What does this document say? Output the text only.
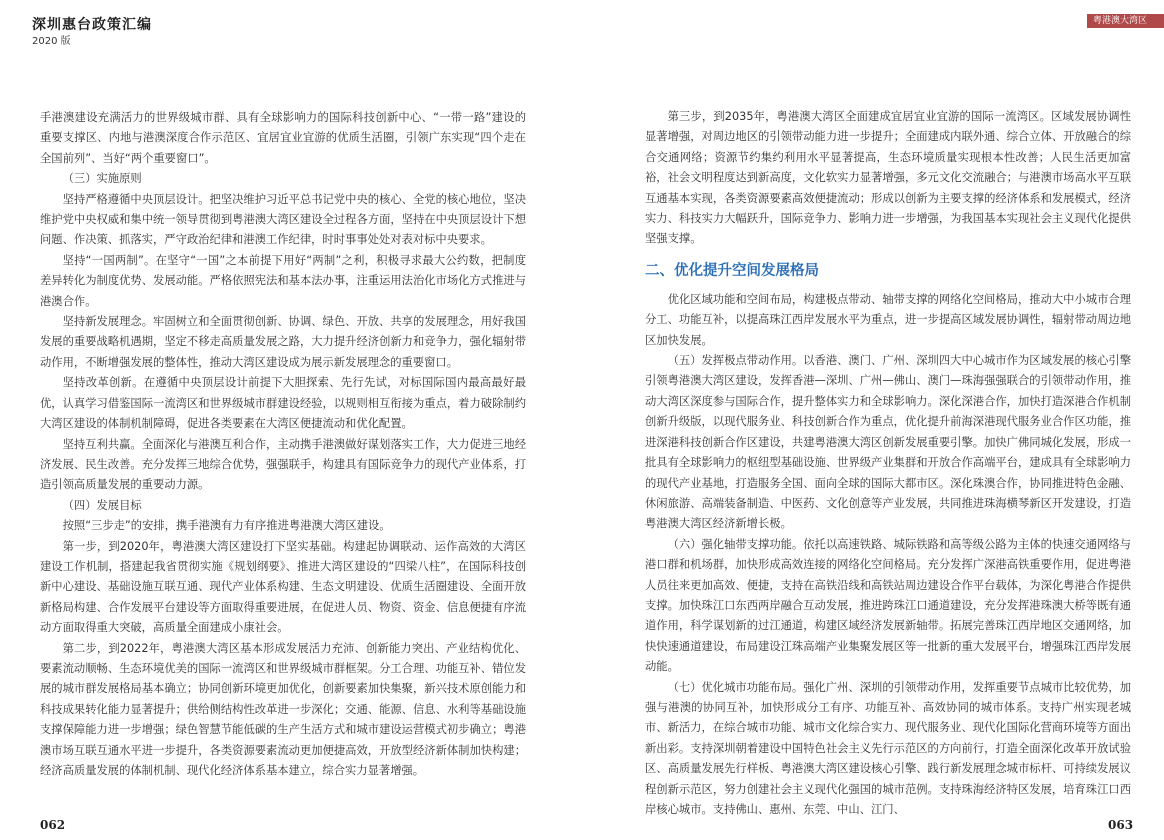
深圳惠台政策汇编
2020 版
粤港澳大湾区

手港澳建设充满活力的世界级城市群、具有全球影响力的国际科技创新中心、“一带一路”建设的重要支撑区、内地与港澳深度合作示范区、宜居宜业宜游的优质生活圈，引领广东实现“四个走在全国前列”、当好“两个重要窗口”。

（三）实施原则

坚持严格遵循中央顶层设计。把坚决维护习近平总书记党中央的核心、全党的核心地位，坚决维护党中央权威和集中统一领导贯彻到粤港澳大湾区建设全过程各方面，坚持在中央顶层设计下想问题、作决策、抓落实，严守政治纪律和港澳工作纪律，时时事事处处对表对标中央要求。

坚持“一国两制”。在坚守“一国”之本前提下用好“两制”之利，积极寻求最大公约数，把制度差异转化为制度优势、发展动能。严格依照宪法和基本法办事，注重运用法治化市场化方式推进与港澳合作。

坚持新发展理念。牢固树立和全面贯彻创新、协调、绿色、开放、共享的发展理念，用好我国发展的重要战略机遇期，坚定不移走高质量发展之路，大力提升经济创新力和竞争力，强化辐射带动作用，不断增强发展的整体性，推动大湾区建设成为展示新发展理念的重要窗口。

坚持改革创新。在遵循中央顶层设计前提下大胆探索、先行先试，对标国际国内最高最好最优，认真学习借鉴国际一流湾区和世界级城市群建设经验，以规则相互衔接为重点，着力破除制约大湾区建设的体制机制障碍，促进各类要素在大湾区便捷流动和优化配置。

坚持互利共赢。全面深化与港澳互利合作，主动携手港澳做好谋划落实工作，大力促进三地经济发展、民生改善。充分发挥三地综合优势，强强联手，构建具有国际竞争力的现代产业体系，打造引领高质量发展的重要动力源。

（四）发展目标

按照“三步走”的安排，携手港澳有力有序推进粤港澳大湾区建设。

第一步，到2020年，粤港澳大湾区建设打下坚实基础。构建起协调联动、运作高效的大湾区建设工作机制，搭建起我省贯彻实施《规划纲要》、推进大湾区建设的“四梁八柱”，在国际科技创新中心建设、基础设施互联互通、现代产业体系构建、生态文明建设、优质生活圈建设、全面开放新格局构建、合作发展平台建设等方面取得重要进展，在促进人员、物资、资金、信息便捷有序流动方面取得重大突破，高质量全面建成小康社会。

第二步，到2022年，粤港澳大湾区基本形成发展活力充沛、创新能力突出、产业结构优化、要素流动顺畅、生态环境优美的国际一流湾区和世界级城市群框架。分工合理、功能互补、错位发展的城市群发展格局基本确立；协同创新环境更加优化，创新要素加快集聚，新兴技术原创能力和科技成果转化能力显著提升；供给侧结构性改革进一步深化；交通、能源、信息、水利等基础设施支撑保障能力进一步增强；绿色智慧节能低碳的生产生活方式和城市建设运营模式初步确立；粤港澳市场互联互通水平进一步提升，各类资源要素流动更加便捷高效，开放型经济新体制加快构建；经济高质量发展的体制机制、现代化经济体系基本建立，综合实力显著增强。

第三步，到2035年，粤港澳大湾区全面建成宜居宜业宜游的国际一流湾区。区域发展协调性显著增强，对周边地区的引领带动能力进一步提升；全面建成内联外通、综合立体、开放融合的综合交通网络；资源节约集约利用水平显著提高，生态环境质量实现根本性改善；人民生活更加富裕，社会文明程度达到新高度，文化软实力显著增强，多元文化交流融合；与港澳市场高水平互联互通基本实现，各类资源要素高效便捷流动；形成以创新为主要支撑的经济体系和发展模式，经济实力、科技实力大幅跃升，国际竞争力、影响力进一步增强，为我国基本实现社会主义现代化提供坚强支撑。

二、优化提升空间发展格局

优化区域功能和空间布局，构建极点带动、轴带支撑的网络化空间格局，推动大中小城市合理分工、功能互补，以提高珠江西岸发展水平为重点，进一步提高区域发展协调性，辐射带动周边地区加快发展。

（五）发挥极点带动作用。以香港、澳门、广州、深圳四大中心城市作为区域发展的核心引擎引领粤港澳大湾区建设，发挥香港—深圳、广州—佛山、澳门—珠海强强联合的引领带动作用，推动大湾区深度参与国际合作，提升整体实力和全球影响力。深化深港合作，加快打造深港合作机制创新升级版，以现代服务业、科技创新合作为重点，优化提升前海深港现代服务业合作区功能，推进深港科技创新合作区建设，共建粤港澳大湾区创新发展重要引擎。加快广佛同城化发展，形成一批具有全球影响力的枢纽型基础设施、世界级产业集群和开放合作高端平台，建成具有全球影响力的现代产业基地，打造服务全国、面向全球的国际大都市区。深化珠澳合作，协同推进特色金融、休闲旅游、高端装备制造、中医药、文化创意等产业发展，共同推进珠海横琴新区开发建设，打造粤港澳大湾区经济新增长极。

（六）强化轴带支撑功能。依托以高速铁路、城际铁路和高等级公路为主体的快速交通网络与港口群和机场群，加快形成高效连接的网络化空间格局。充分发挥广深港高铁重要作用，促进粤港人员往来更加高效、便捷，支持在高铁沿线和高铁站周边建设合作平台载体，为深化粤港合作提供支撑。加快珠江口东西两岸融合互动发展，推进跨珠江口通道建设，充分发挥港珠澳大桥等既有通道作用，科学谋划新的过江通道，构建区域经济发展新轴带。拓展完善珠江西岸地区交通网络，加快快速通道建设，布局建设江珠高端产业集聚发展区等一批新的重大发展平台，增强珠江西岸发展动能。

（七）优化城市功能布局。强化广州、深圳的引领带动作用，发挥重要节点城市比较优势，加强与港澳的协同互补，加快形成分工有序、功能互补、高效协同的城市体系。支持广州实现老城市、新活力，在综合城市功能、城市文化综合实力、现代服务业、现代化国际化营商环境等方面出新出彩。支持深圳朝着建设中国特色社会主义先行示范区的方向前行，打造全面深化改革开放试验区、高质量发展先行样板、粤港澳大湾区建设核心引擎、践行新发展理念城市标杆、可持续发展议程创新示范区，努力创建社会主义现代化强国的城市范例。支持珠海经济特区发展，培育珠江口西岸核心城市。支持佛山、惠州、东莞、中山、江门、

062	063
